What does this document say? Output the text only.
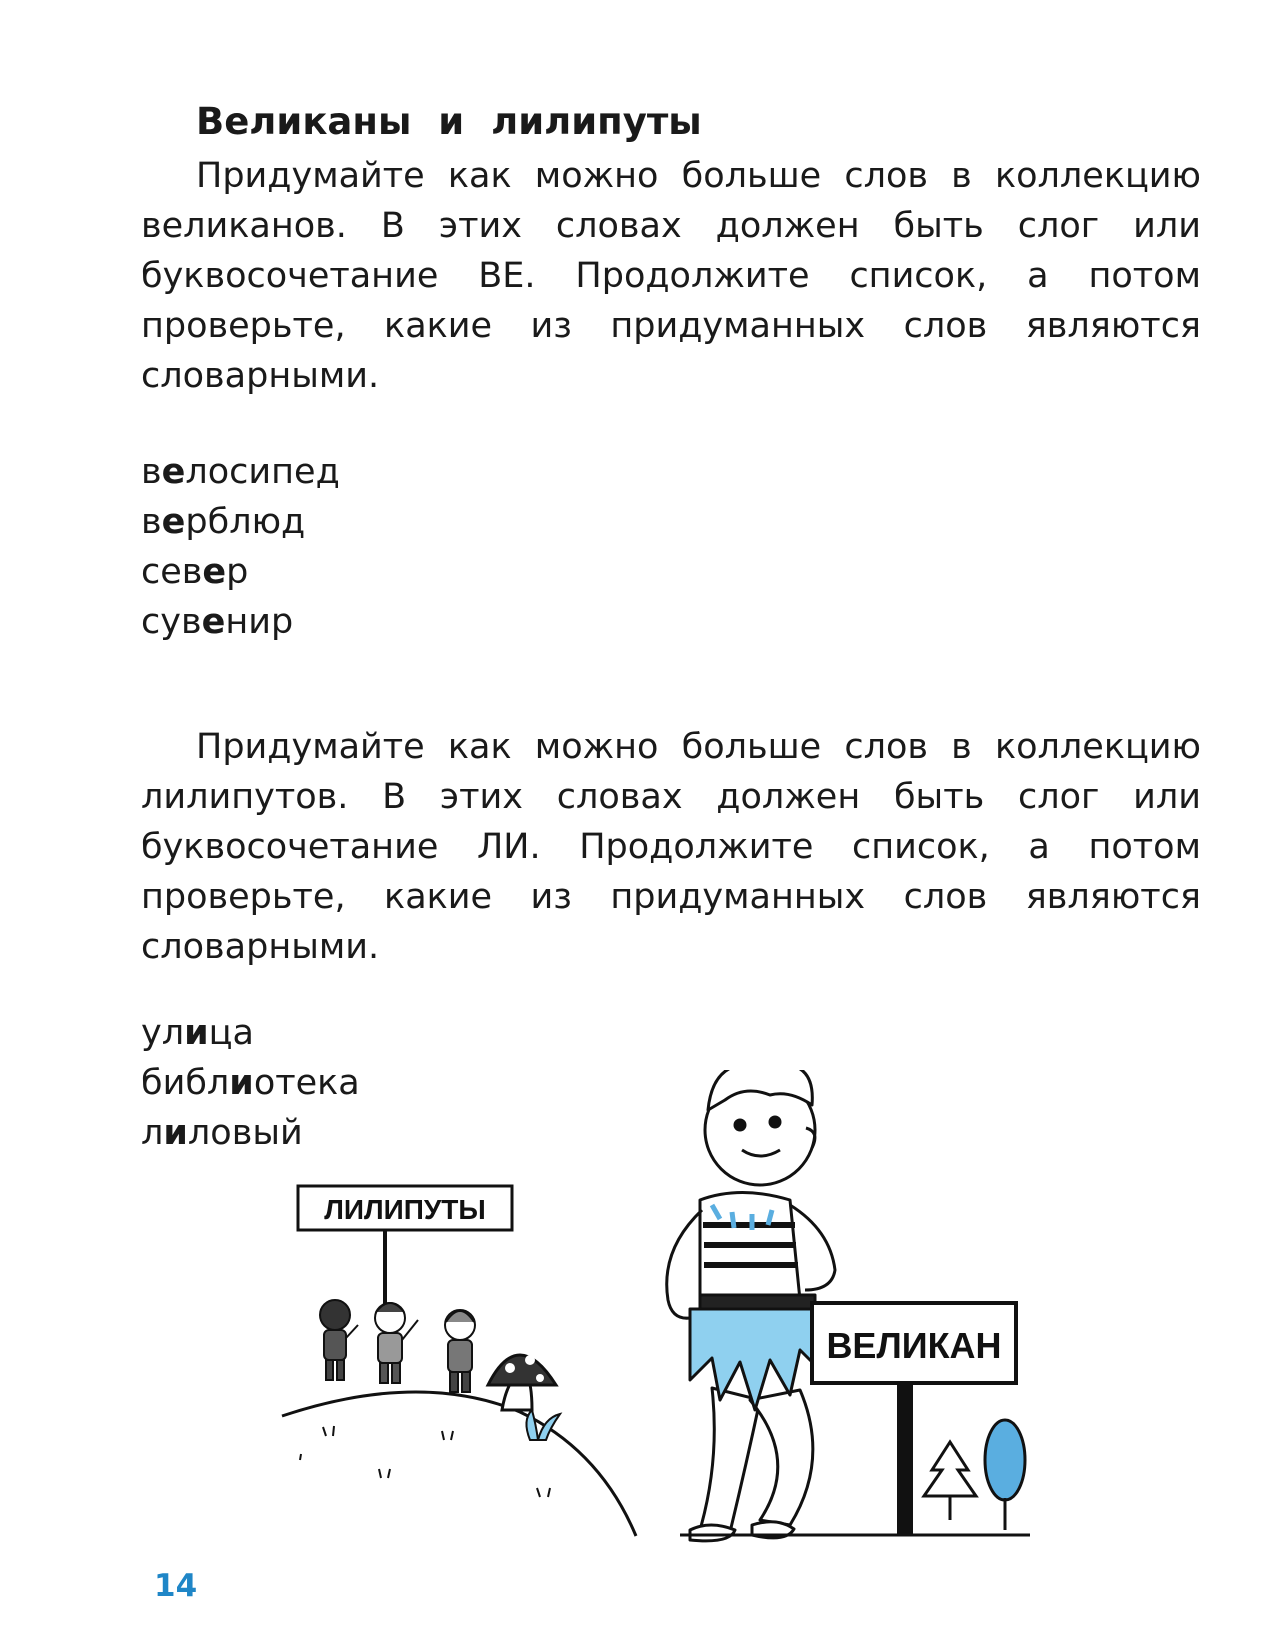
Великаны и лилипуты

Придумайте как можно больше слов в коллекцию великанов. В этих словах должен быть слог или буквосочетание ВЕ. Продолжите список, а потом проверьте, какие из придуманных слов являются словарными.

велосипед
верблюд
север
сувенир

Придумайте как можно больше слов в коллекцию лилипутов. В этих словах должен быть слог или буквосочетание ЛИ. Продолжите список, а потом проверьте, какие из придуманных слов являются словарными.

улица
библиотека
лиловый
ЛИЛИПУТЫ
ВЕЛИКАН
14
